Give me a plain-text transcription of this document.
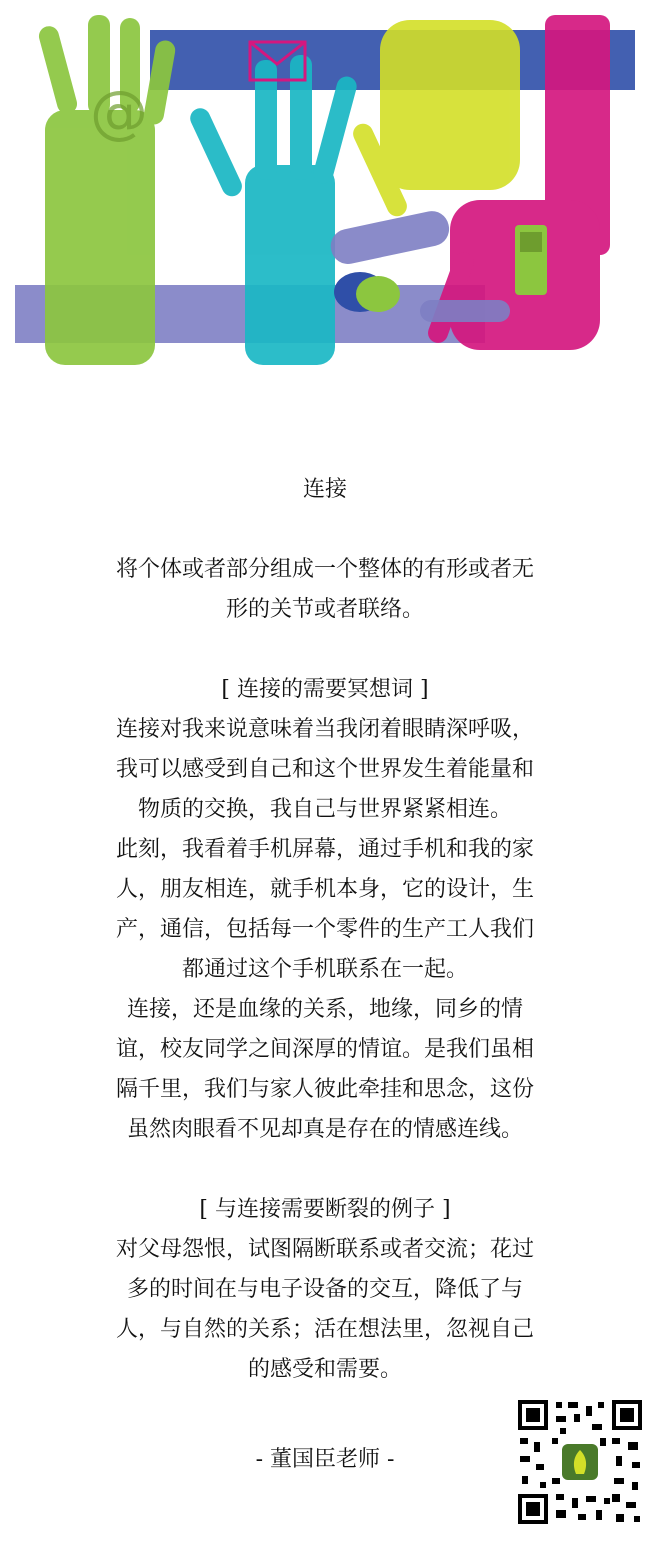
@
连接
将个体或者部分组成一个整体的有形或者无
形的关节或者联络。
[ 连接的需要冥想词 ]
连接对我来说意味着当我闭着眼睛深呼吸，
我可以感受到自己和这个世界发生着能量和
物质的交换，我自己与世界紧紧相连。
此刻，我看着手机屏幕，通过手机和我的家
人，朋友相连，就手机本身，它的设计，生
产，通信，包括每一个零件的生产工人我们
都通过这个手机联系在一起。
连接，还是血缘的关系，地缘，同乡的情
谊，校友同学之间深厚的情谊。是我们虽相
隔千里，我们与家人彼此牵挂和思念，这份
虽然肉眼看不见却真是存在的情感连线。
[ 与连接需要断裂的例子 ]
对父母怨恨，试图隔断联系或者交流；花过
多的时间在与电子设备的交互，降低了与
人，与自然的关系；活在想法里，忽视自己
的感受和需要。
- 董国臣老师 -
